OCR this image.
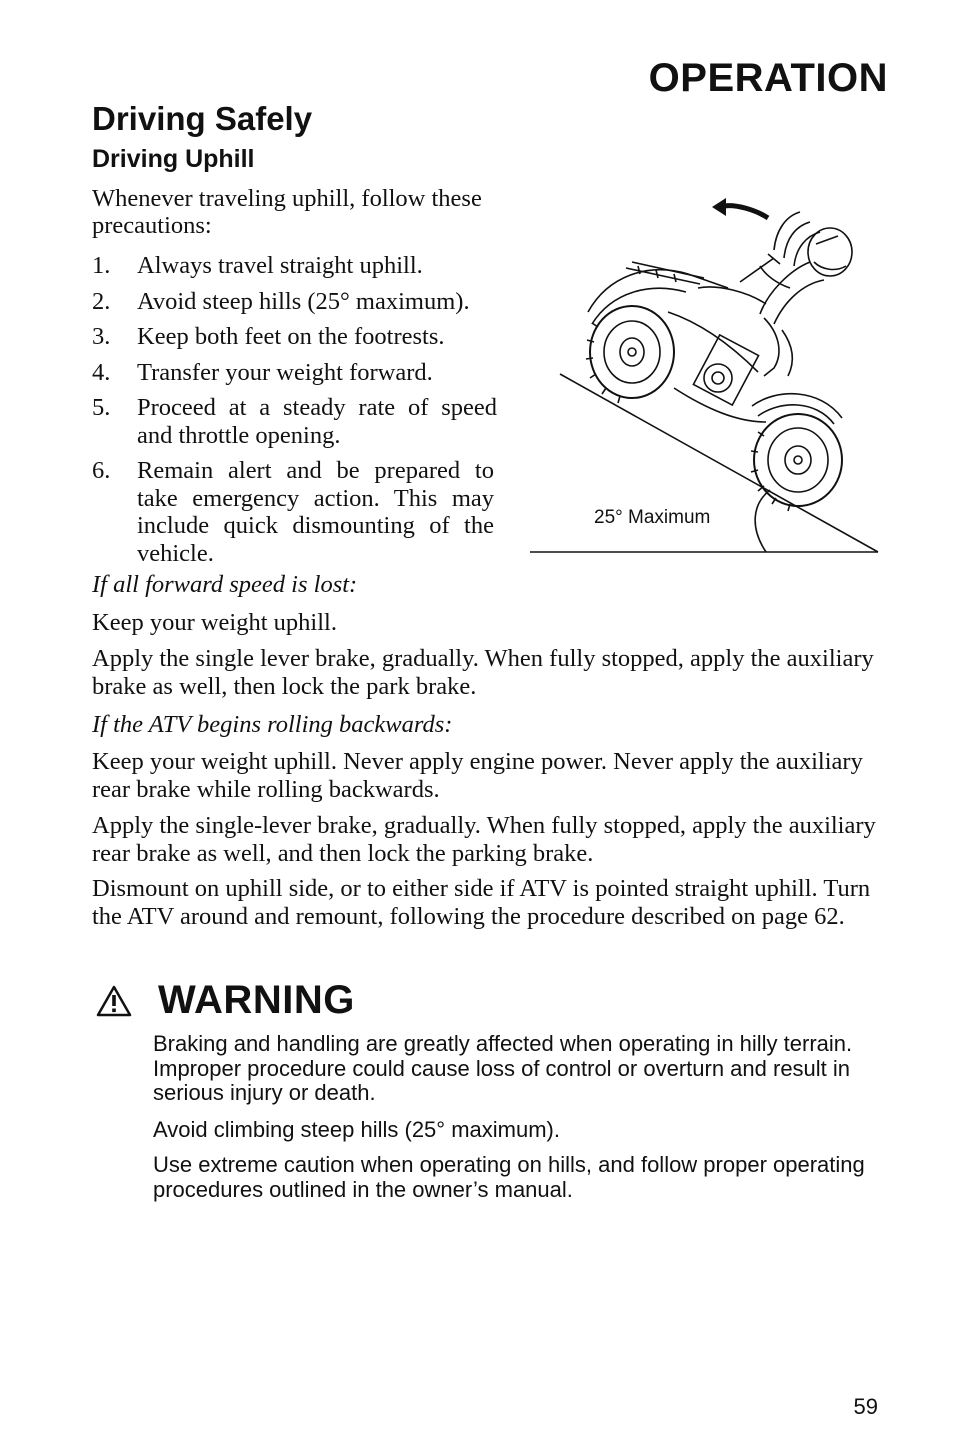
OPERATION
Driving Safely
Driving Uphill
Whenever traveling uphill, follow these precautions:
1. Always travel straight uphill.
2. Avoid steep hills (25° maximum).
3. Keep both feet on the footrests.
4. Transfer your weight forward.
5. Proceed at a steady rate of speed and throttle opening.
6. Remain alert and be prepared to take emergency action. This may include quick dismounting of the vehicle.
25° Maximum
If all forward speed is lost:
Keep your weight uphill.
Apply the single lever brake, gradually. When fully stopped, apply the auxiliary brake as well, then lock the park brake.
If the ATV begins rolling backwards:
Keep your weight uphill. Never apply engine power. Never apply the auxiliary rear brake while rolling backwards.
Apply the single-lever brake, gradually. When fully stopped, apply the auxiliary rear brake as well, and then lock the parking brake.
Dismount on uphill side, or to either side if ATV is pointed straight uphill. Turn the ATV around and remount, following the procedure described on page 62.
WARNING
Braking and handling are greatly affected when operating in hilly terrain. Improper procedure could cause loss of control or overturn and result in serious injury or death.
Avoid climbing steep hills (25° maximum).
Use extreme caution when operating on hills, and follow proper operating procedures outlined in the owner’s manual.
59
